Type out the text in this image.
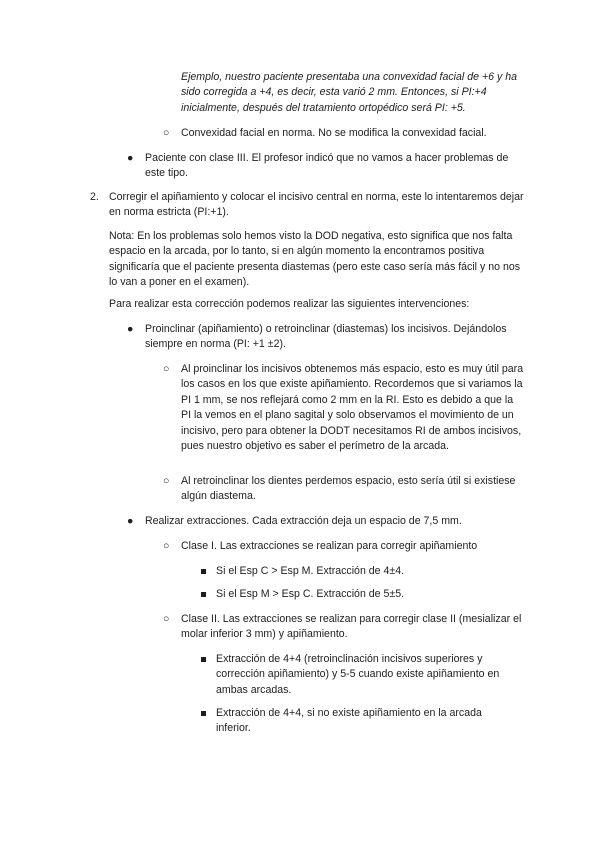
Ejemplo, nuestro paciente presentaba una convexidad facial de +6 y ha sido corregida a +4, es decir, esta varió 2 mm. Entonces, si PI:+4 inicialmente, después del tratamiento ortopédico será PI: +5.

○ Convexidad facial en norma. No se modifica la convexidad facial.

● Paciente con clase III. El profesor indicó que no vamos a hacer problemas de este tipo.

2. Corregir el apiñamiento y colocar el incisivo central en norma, este lo intentaremos dejar en norma estricta (PI:+1).

Nota: En los problemas solo hemos visto la DOD negativa, esto significa que nos falta espacio en la arcada, por lo tanto, si en algún momento la encontramos positiva significaría que el paciente presenta diastemas (pero este caso sería más fácil y no nos lo van a poner en el examen).

Para realizar esta corrección podemos realizar las siguientes intervenciones:

● Proinclinar (apiñamiento) o retroinclinar (diastemas) los incisivos. Dejándolos siempre en norma (PI: +1 ±2).

○ Al proinclinar los incisivos obtenemos más espacio, esto es muy útil para los casos en los que existe apiñamiento. Recordemos que si variamos la PI 1 mm, se nos reflejará como 2 mm en la RI. Esto es debido a que la PI la vemos en el plano sagital y solo observamos el movimiento de un incisivo, pero para obtener la DODT necesitamos RI de ambos incisivos, pues nuestro objetivo es saber el perímetro de la arcada.

○ Al retroinclinar los dientes perdemos espacio, esto sería útil si existiese algún diastema.

● Realizar extracciones. Cada extracción deja un espacio de 7,5 mm.

○ Clase I. Las extracciones se realizan para corregir apiñamiento

Si el Esp C > Esp M. Extracción de 4±4.

Si el Esp M > Esp C. Extracción de 5±5.

○ Clase II. Las extracciones se realizan para corregir clase II (mesializar el molar inferior 3 mm) y apiñamiento.

Extracción de 4+4 (retroinclinación incisivos superiores y corrección apiñamiento) y 5-5 cuando existe apiñamiento en ambas arcadas.

Extracción de 4+4, si no existe apiñamiento en la arcada inferior.
